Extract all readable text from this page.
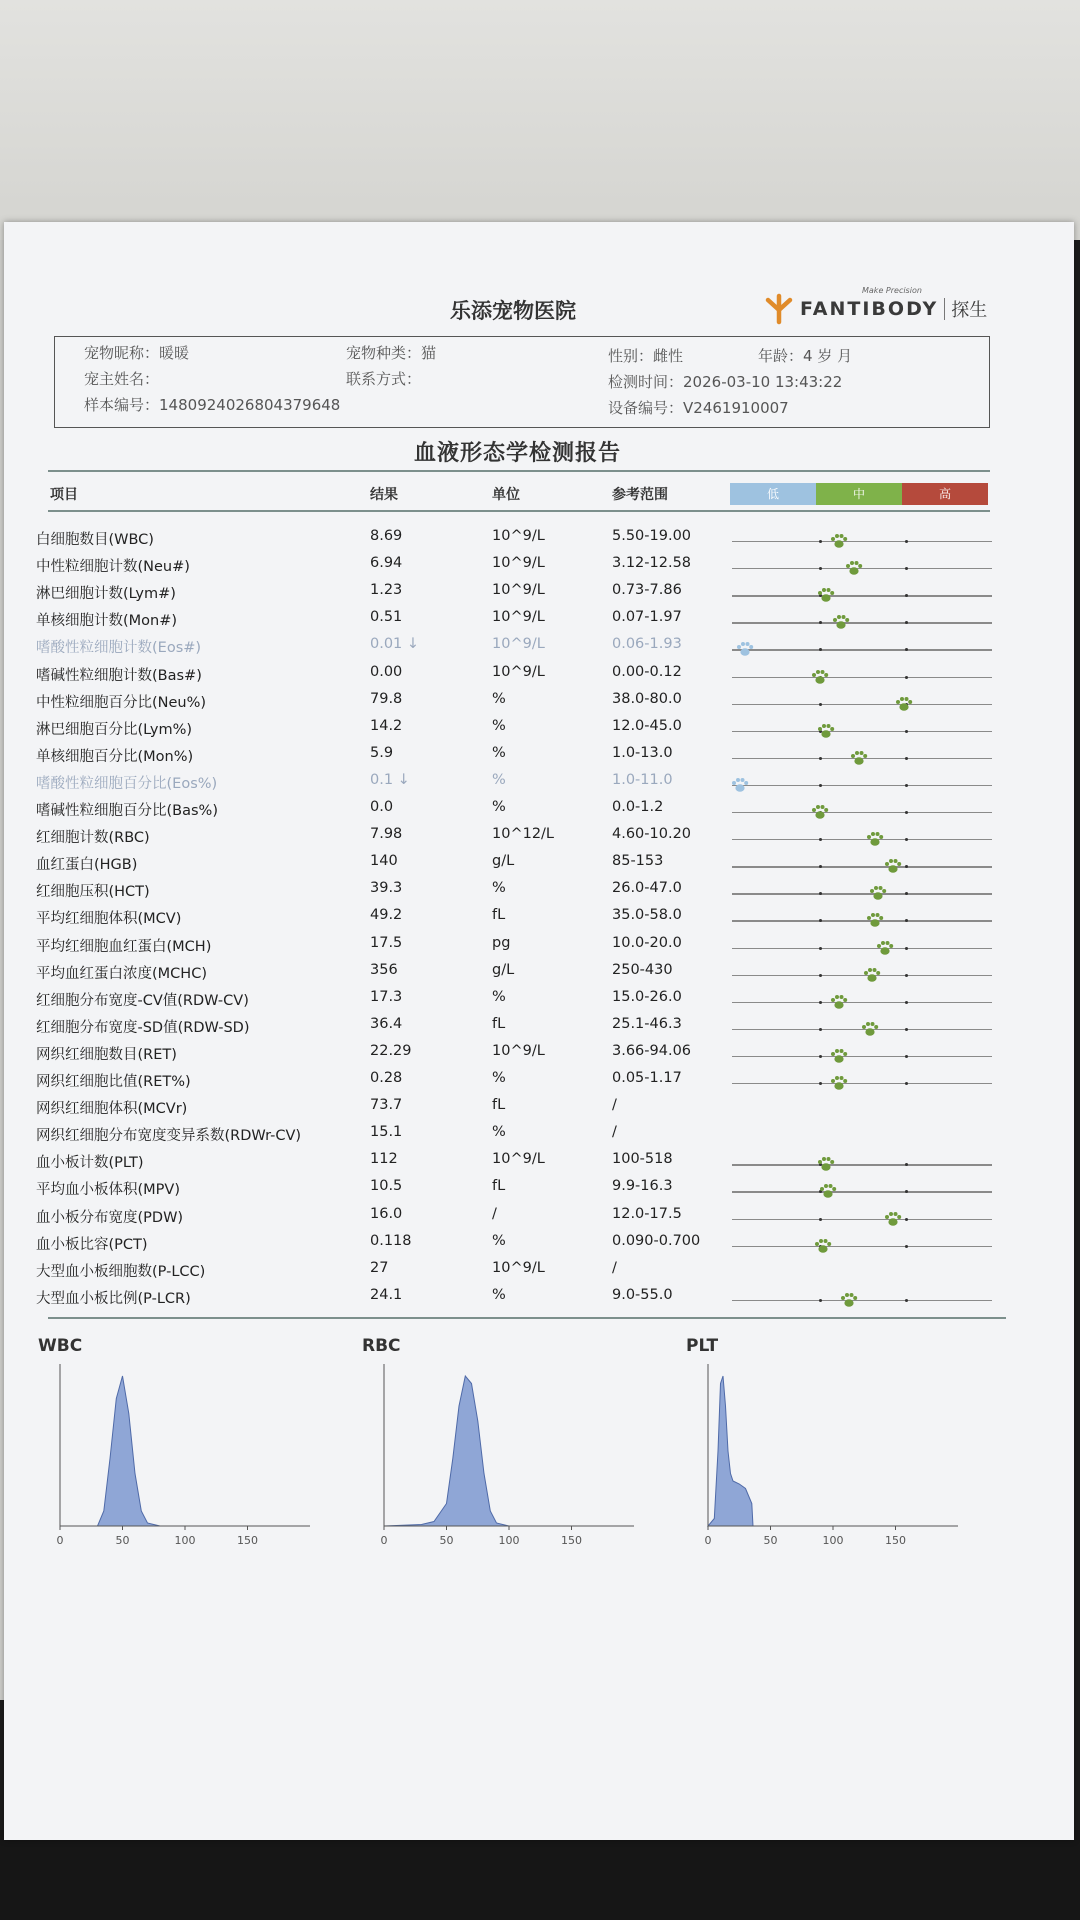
乐添宠物医院
Make Precision
FANTIBODY 探生
宠物昵称：暖暖	宠物种类：猫	性别：雌性	年龄：4 岁 月
宠主姓名：	联系方式：	检测时间：2026-03-10 13:43:22
样本编号：1480924026804379648	设备编号：V2461910007
血液形态学检测报告
项目	结果	单位	参考范围	低	中	高
白细胞数目(WBC)	8.69	10^9/L	5.50-19.00
中性粒细胞计数(Neu#)	6.94	10^9/L	3.12-12.58
淋巴细胞计数(Lym#)	1.23	10^9/L	0.73-7.86
单核细胞计数(Mon#)	0.51	10^9/L	0.07-1.97
嗜酸性粒细胞计数(Eos#)	0.01 ↓	10^9/L	0.06-1.93
嗜碱性粒细胞计数(Bas#)	0.00	10^9/L	0.00-0.12
中性粒细胞百分比(Neu%)	79.8	%	38.0-80.0
淋巴细胞百分比(Lym%)	14.2	%	12.0-45.0
单核细胞百分比(Mon%)	5.9	%	1.0-13.0
嗜酸性粒细胞百分比(Eos%)	0.1 ↓	%	1.0-11.0
嗜碱性粒细胞百分比(Bas%)	0.0	%	0.0-1.2
红细胞计数(RBC)	7.98	10^12/L	4.60-10.20
血红蛋白(HGB)	140	g/L	85-153
红细胞压积(HCT)	39.3	%	26.0-47.0
平均红细胞体积(MCV)	49.2	fL	35.0-58.0
平均红细胞血红蛋白(MCH)	17.5	pg	10.0-20.0
平均血红蛋白浓度(MCHC)	356	g/L	250-430
红细胞分布宽度-CV值(RDW-CV)	17.3	%	15.0-26.0
红细胞分布宽度-SD值(RDW-SD)	36.4	fL	25.1-46.3
网织红细胞数目(RET)	22.29	10^9/L	3.66-94.06
网织红细胞比值(RET%)	0.28	%	0.05-1.17
网织红细胞体积(MCVr)	73.7	fL	/
网织红细胞分布宽度变异系数(RDWr-CV)	15.1	%	/
血小板计数(PLT)	112	10^9/L	100-518
平均血小板体积(MPV)	10.5	fL	9.9-16.3
血小板分布宽度(PDW)	16.0	/	12.0-17.5
血小板比容(PCT)	0.118	%	0.090-0.700
大型血小板细胞数(P-LCC)	27	10^9/L	/
大型血小板比例(P-LCR)	24.1	%	9.0-55.0
WBC
0	50	100	150
RBC
0	50	100	150
PLT
0	50	100	150
